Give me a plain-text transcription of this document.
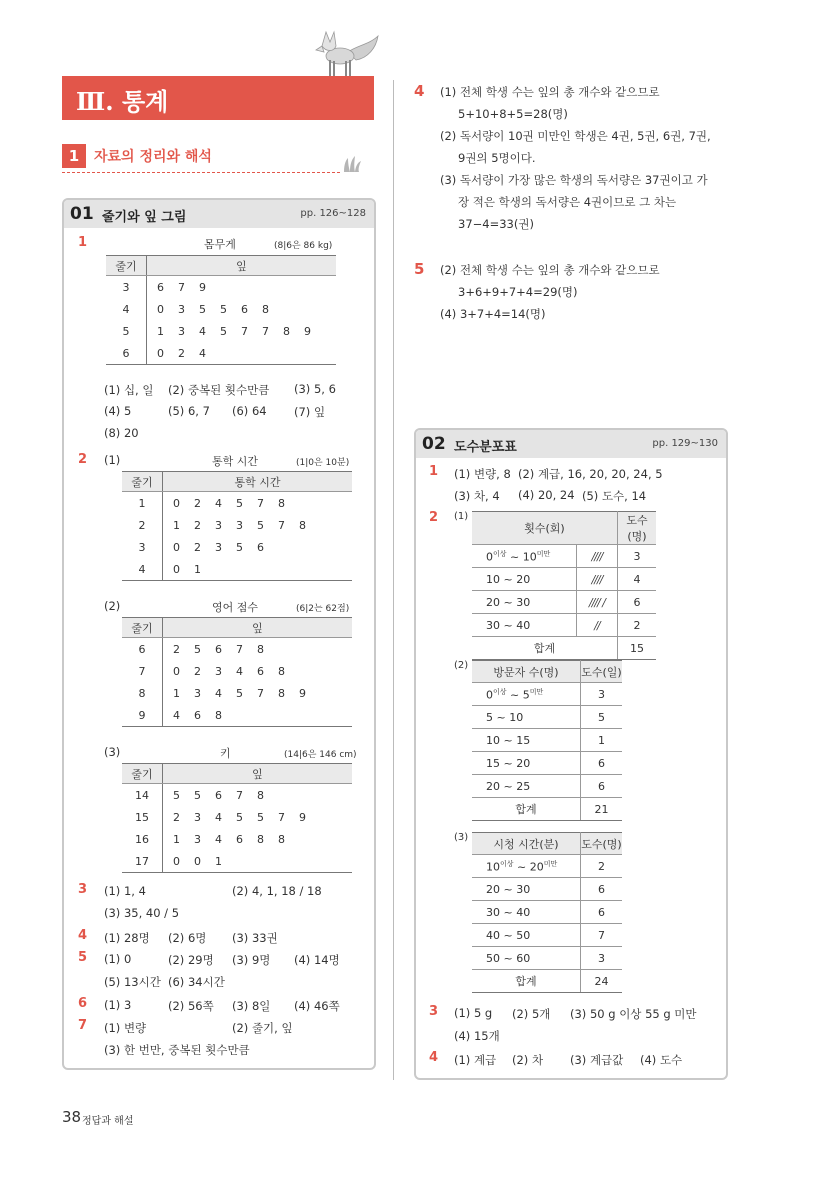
Ⅲ. 통계
1	자료의 정리와 해석
01 줄기와 잎 그림	pp. 126~128
1	몸무게	(8|6은 86 kg)
줄기	잎
3	6 7 9
4	0 3 5 5 6 8
5	1 3 4 5 7 7 8 9
6	0 2 4
(1) 십, 일 (2) 중복된 횟수만큼 (3) 5, 6
(4) 5	(5) 6, 7 (6) 64 (7) 잎
(8) 20
2 (1)	통학 시간	(1|0은 10분)
줄기	통학 시간
1	0 2 4 5 7 8
2	1 2 3 3 5 7 8
3	0 2 3 5 6
4	0 1
(2)	영어 점수	(6|2는 62점)
줄기	잎
6	2 5 6 7 8
7	0 2 3 4 6 8
8	1 3 4 5 7 8 9
9	4 6 8
(3)	키	(14|6은 146 cm)
줄기	잎
14	5 5 6 7 8
15	2 3 4 5 5 7 9
16	1 3 4 6 8 8
17	0 0 1
3 (1) 1, 4	(2) 4, 1, 18 / 18
(3) 35, 40 / 5
4 (1) 28명 (2) 6명 (3) 33권
5 (1) 0	(2) 29명 (3) 9명 (4) 14명
(5) 13시간 (6) 34시간
6 (1) 3	(2) 56쪽 (3) 8일 (4) 46쪽
7 (1) 변량	(2) 줄기, 잎
(3) 한 번만, 중복된 횟수만큼
4 (1) 전체 학생 수는 잎의 총 개수와 같으므로
5+10+8+5=28(명)
(2) 독서량이 10권 미만인 학생은 4권, 5권, 6권, 7권,
9권의 5명이다.
(3) 독서량이 가장 많은 학생의 독서량은 37권이고 가
장 적은 학생의 독서량은 4권이므로 그 차는
37−4=33(권)
5 (2) 전체 학생 수는 잎의 총 개수와 같으므로
3+6+9+7+4=29(명)
(4) 3+7+4=14(명)
02 도수분포표	pp. 129~130
1 (1) 변량, 8 (2) 계급, 16, 20, 20, 24, 5
(3) 차, 4 (4) 20, 24 (5) 도수, 14
2 (1)
횟수(회)		도수(명)
$0^{이상}$ ~ $10^{미만}$	////	3
10 ~ 20	////	4
20 ~ 30	//// /	6
30 ~ 40	//	2
합계		15
(2) 방문자 수(명)	도수(일)
$0^{이상}$ ~ $5^{미만}$	3
5 ~ 10	5
10 ~ 15	1
15 ~ 20	6
20 ~ 25	6
합계	21
(3) 시청 시간(분)	도수(명)
$10^{이상}$ ~ $20^{미만}$	2
20 ~ 30	6
30 ~ 40	6
40 ~ 50	7
50 ~ 60	3
합계	24
3 (1) 5 g (2) 5개 (3) 50 g 이상 55 g 미만
(4) 15개
4 (1) 계급 (2) 차 (3) 계급값 (4) 도수
38 정답과 해설
